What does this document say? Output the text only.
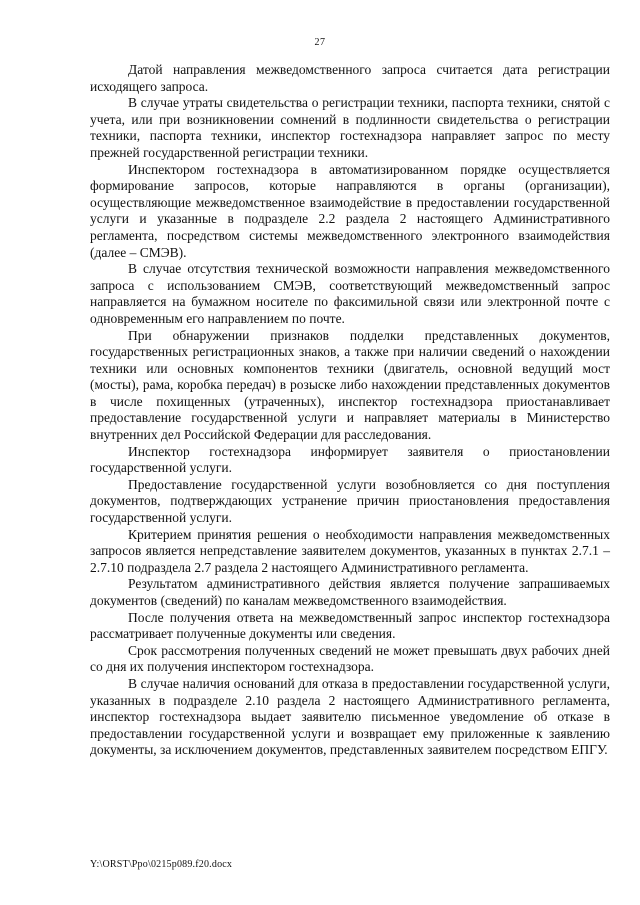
27

Датой направления межведомственного запроса считается дата регистрации исходящего запроса.

В случае утраты свидетельства о регистрации техники, паспорта техники, снятой с учета, или при возникновении сомнений в подлинности свидетельства о регистрации техники, паспорта техники, инспектор гостехнадзора направляет запрос по месту прежней государственной регистрации техники.

Инспектором гостехнадзора в автоматизированном порядке осуществляется формирование запросов, которые направляются в органы (организации), осуществляющие межведомственное взаимодействие в предоставлении государственной услуги и указанные в подразделе 2.2 раздела 2 настоящего Административного регламента, посредством системы межведомственного электронного взаимодействия (далее – СМЭВ).

В случае отсутствия технической возможности направления межведомственного запроса с использованием СМЭВ, соответствующий межведомственный запрос направляется на бумажном носителе по факсимильной связи или электронной почте с одновременным его направлением по почте.

При обнаружении признаков подделки представленных документов, государственных регистрационных знаков, а также при наличии сведений о нахождении техники или основных компонентов техники (двигатель, основной ведущий мост (мосты), рама, коробка передач) в розыске либо нахождении представленных документов в числе похищенных (утраченных), инспектор гостехнадзора приостанавливает предоставление государственной услуги и направляет материалы в Министерство внутренних дел Российской Федерации для расследования.

Инспектор гостехнадзора информирует заявителя о приостановлении государственной услуги.

Предоставление государственной услуги возобновляется со дня поступления документов, подтверждающих устранение причин приостановления предоставления государственной услуги.

Критерием принятия решения о необходимости направления межведомственных запросов является непредставление заявителем документов, указанных в пунктах 2.7.1 – 2.7.10 подраздела 2.7 раздела 2 настоящего Административного регламента.

Результатом административного действия является получение запрашиваемых документов (сведений) по каналам межведомственного взаимодействия.

После получения ответа на межведомственный запрос инспектор гостехнадзора рассматривает полученные документы или сведения.

Срок рассмотрения полученных сведений не может превышать двух рабочих дней со дня их получения инспектором гостехнадзора.

В случае наличия оснований для отказа в предоставлении государственной услуги, указанных в подразделе 2.10 раздела 2 настоящего Административного регламента, инспектор гостехнадзора выдает заявителю письменное уведомление об отказе в предоставлении государственной услуги и возвращает ему приложенные к заявлению документы, за исключением документов, представленных заявителем посредством ЕПГУ.

Y:\ORST\Ppo\0215p089.f20.docx
